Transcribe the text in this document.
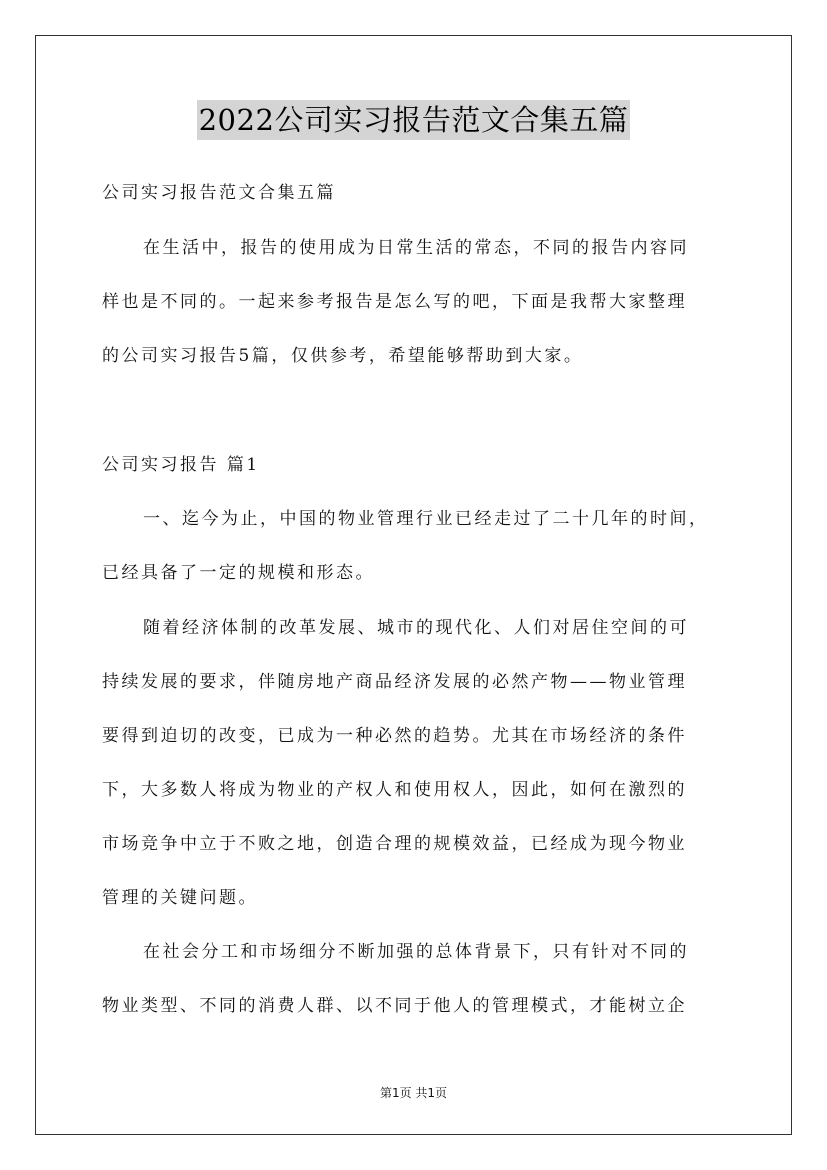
2022公司实习报告范文合集五篇
公司实习报告范文合集五篇
在生活中，报告的使用成为日常生活的常态，不同的报告内容同
样也是不同的。一起来参考报告是怎么写的吧，下面是我帮大家整理
的公司实习报告5篇，仅供参考，希望能够帮助到大家。
公司实习报告 篇1
一、迄今为止，中国的物业管理行业已经走过了二十几年的时间，
已经具备了一定的规模和形态。
随着经济体制的改革发展、城市的现代化、人们对居住空间的可
持续发展的要求，伴随房地产商品经济发展的必然产物——物业管理
要得到迫切的改变，已成为一种必然的趋势。尤其在市场经济的条件
下，大多数人将成为物业的产权人和使用权人，因此，如何在激烈的
市场竞争中立于不败之地，创造合理的规模效益，已经成为现今物业
管理的关键问题。
在社会分工和市场细分不断加强的总体背景下，只有针对不同的
物业类型、不同的消费人群、以不同于他人的管理模式，才能树立企
第1页 共1页
